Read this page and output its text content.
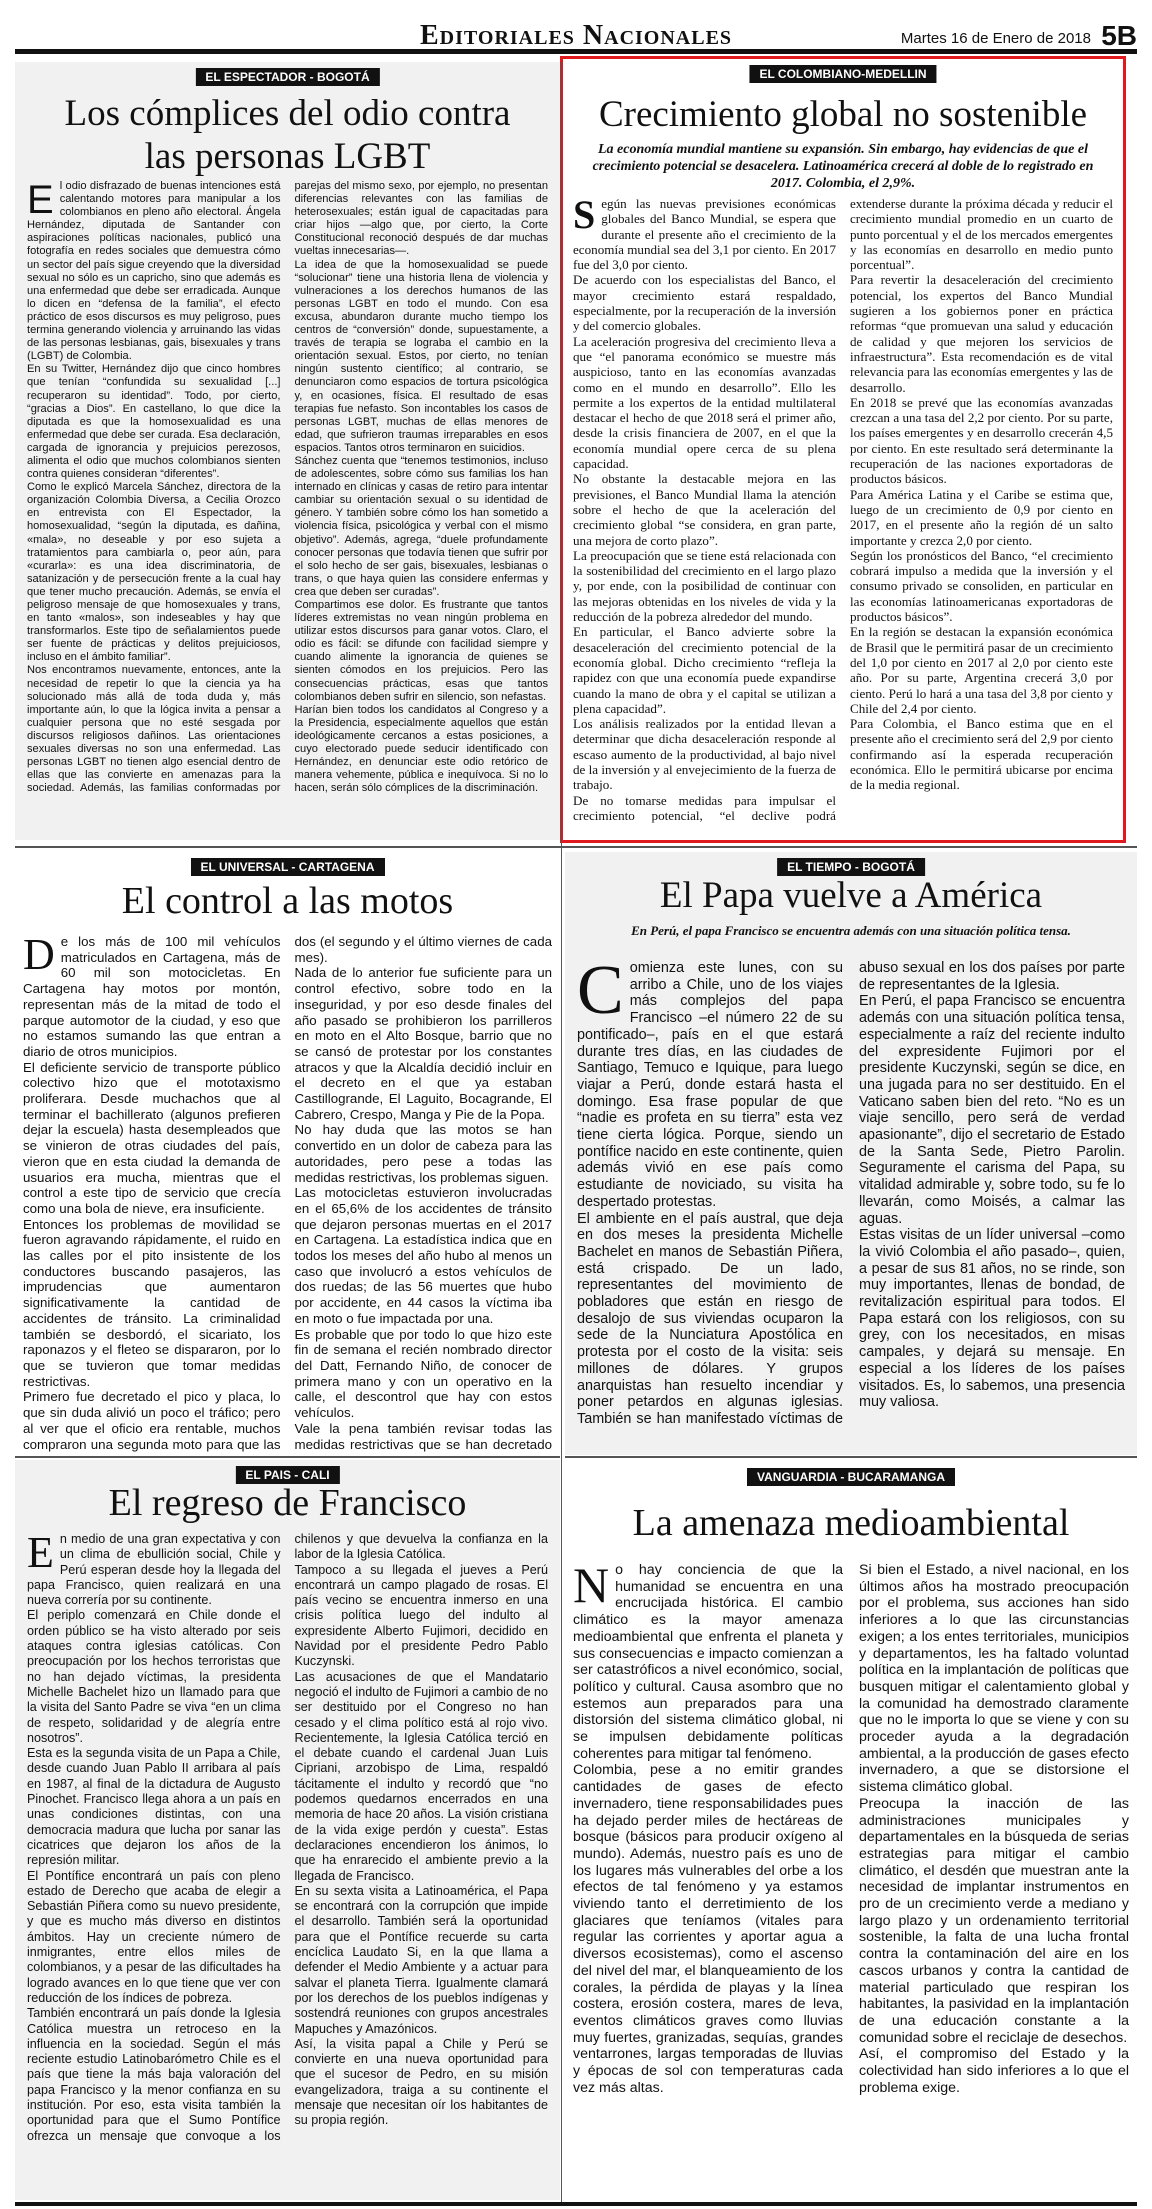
Editoriales Nacionales	Martes 16 de Enero de 2018 5B
EL ESPECTADOR - BOGOTÁ
Los cómplices del odio contra las personas LGBT

El odio disfrazado de buenas intenciones está calentando motores para manipular a los colombianos en pleno año electoral. Ángela Hernández, diputada de Santander con aspiraciones políticas nacionales, publicó una fotografía en redes sociales que demuestra cómo un sector del país sigue creyendo que la diversidad sexual no sólo es un capricho, sino que además es una enfermedad que debe ser erradicada. Aunque lo dicen en “defensa de la familia”, el efecto práctico de esos discursos es muy peligroso, pues termina generando violencia y arruinando las vidas de las personas lesbianas, gais, bisexuales y trans (LGBT) de Colombia.

En su Twitter, Hernández dijo que cinco hombres que tenían “confundida su sexualidad [...] recuperaron su identidad”. Todo, por cierto, “gracias a Dios”. En castellano, lo que dice la diputada es que la homosexualidad es una enfermedad que debe ser curada. Esa declaración, cargada de ignorancia y prejuicios perezosos, alimenta el odio que muchos colombianos sienten contra quienes consideran “diferentes”.

Como le explicó Marcela Sánchez, directora de la organización Colombia Diversa, a Cecilia Orozco en entrevista con El Espectador, la homosexualidad, “según la diputada, es dañina, «mala», no deseable y por eso sujeta a tratamientos para cambiarla o, peor aún, para «curarla»: es una idea discriminatoria, de satanización y de persecución frente a la cual hay que tener mucho precaución. Además, se envía el peligroso mensaje de que homosexuales y trans, en tanto «malos», son indeseables y hay que transformarlos. Este tipo de señalamientos puede ser fuente de prácticas y delitos prejuiciosos, incluso en el ámbito familiar”.

Nos encontramos nuevamente, entonces, ante la necesidad de repetir lo que la ciencia ya ha solucionado más allá de toda duda y, más importante aún, lo que la lógica invita a pensar a cualquier persona que no esté sesgada por discursos religiosos dañinos. Las orientaciones sexuales diversas no son una enfermedad. Las personas LGBT no tienen algo esencial dentro de ellas que las convierte en amenazas para la sociedad. Además, las familias conformadas por parejas del mismo sexo, por ejemplo, no presentan diferencias relevantes con las familias de heterosexuales; están igual de capacitadas para criar hijos —algo que, por cierto, la Corte Constitucional reconoció después de dar muchas vueltas innecesarias—.

La idea de que la homosexualidad se puede “solucionar” tiene una historia llena de violencia y vulneraciones a los derechos humanos de las personas LGBT en todo el mundo. Con esa excusa, abundaron durante mucho tiempo los centros de “conversión” donde, supuestamente, a través de terapia se lograba el cambio en la orientación sexual. Estos, por cierto, no tenían ningún sustento científico; al contrario, se denunciaron como espacios de tortura psicológica y, en ocasiones, física. El resultado de esas terapias fue nefasto. Son incontables los casos de personas LGBT, muchas de ellas menores de edad, que sufrieron traumas irreparables en esos espacios. Tantos otros terminaron en suicidios.

Sánchez cuenta que “tenemos testimonios, incluso de adolescentes, sobre cómo sus familias los han internado en clínicas y casas de retiro para intentar cambiar su orientación sexual o su identidad de género. Y también sobre cómo los han sometido a violencia física, psicológica y verbal con el mismo objetivo”. Además, agrega, “duele profundamente conocer personas que todavía tienen que sufrir por el solo hecho de ser gais, bisexuales, lesbianas o trans, o que haya quien las considere enfermas y crea que deben ser curadas”.

Compartimos ese dolor. Es frustrante que tantos líderes extremistas no vean ningún problema en utilizar estos discursos para ganar votos. Claro, el odio es fácil: se difunde con facilidad siempre y cuando alimente la ignorancia de quienes se sienten cómodos en los prejuicios. Pero las consecuencias prácticas, esas que tantos colombianos deben sufrir en silencio, son nefastas.

Harían bien todos los candidatos al Congreso y a la Presidencia, especialmente aquellos que están ideológicamente cercanos a estas posiciones, a cuyo electorado puede seducir identificado con Hernández, en denunciar este odio retórico de manera vehemente, pública e inequívoca. Si no lo hacen, serán sólo cómplices de la discriminación.

EL COLOMBIANO-MEDELLIN
Crecimiento global no sostenible
La economía mundial mantiene su expansión. Sin embargo, hay evidencias de que el crecimiento potencial se desacelera. Latinoamérica crecerá al doble de lo registrado en 2017. Colombia, el 2,9%.

Según las nuevas previsiones económicas globales del Banco Mundial, se espera que durante el presente año el crecimiento de la economía mundial sea del 3,1 por ciento. En 2017 fue del 3,0 por ciento.

De acuerdo con los especialistas del Banco, el mayor crecimiento estará respaldado, especialmente, por la recuperación de la inversión y del comercio globales.

La aceleración progresiva del crecimiento lleva a que “el panorama económico se muestre más auspicioso, tanto en las economías avanzadas como en el mundo en desarrollo”. Ello les permite a los expertos de la entidad multilateral destacar el hecho de que 2018 será el primer año, desde la crisis financiera de 2007, en el que la economía mundial opere cerca de su plena capacidad.

No obstante la destacable mejora en las previsiones, el Banco Mundial llama la atención sobre el hecho de que la aceleración del crecimiento global “se considera, en gran parte, una mejora de corto plazo”.

La preocupación que se tiene está relacionada con la sostenibilidad del crecimiento en el largo plazo y, por ende, con la posibilidad de continuar con las mejoras obtenidas en los niveles de vida y la reducción de la pobreza alrededor del mundo.

En particular, el Banco advierte sobre la desaceleración del crecimiento potencial de la economía global. Dicho crecimiento “refleja la rapidez con que una economía puede expandirse cuando la mano de obra y el capital se utilizan a plena capacidad”.

Los análisis realizados por la entidad llevan a determinar que dicha desaceleración responde al escaso aumento de la productividad, al bajo nivel de la inversión y al envejecimiento de la fuerza de trabajo.

De no tomarse medidas para impulsar el crecimiento potencial, “el declive podrá extenderse durante la próxima década y reducir el crecimiento mundial promedio en un cuarto de punto porcentual y el de los mercados emergentes y las economías en desarrollo en medio punto porcentual”.

Para revertir la desaceleración del crecimiento potencial, los expertos del Banco Mundial sugieren a los gobiernos poner en práctica reformas “que promuevan una salud y educación de calidad y que mejoren los servicios de infraestructura”. Esta recomendación es de vital relevancia para las economías emergentes y las de desarrollo.

En 2018 se prevé que las economías avanzadas crezcan a una tasa del 2,2 por ciento. Por su parte, los países emergentes y en desarrollo crecerán 4,5 por ciento. En este resultado será determinante la recuperación de las naciones exportadoras de productos básicos.

Para América Latina y el Caribe se estima que, luego de un crecimiento de 0,9 por ciento en 2017, en el presente año la región dé un salto importante y crezca 2,0 por ciento.

Según los pronósticos del Banco, “el crecimiento cobrará impulso a medida que la inversión y el consumo privado se consoliden, en particular en las economías latinoamericanas exportadoras de productos básicos”.

En la región se destacan la expansión económica de Brasil que le permitirá pasar de un crecimiento del 1,0 por ciento en 2017 al 2,0 por ciento este año. Por su parte, Argentina crecerá 3,0 por ciento. Perú lo hará a una tasa del 3,8 por ciento y Chile del 2,4 por ciento.

Para Colombia, el Banco estima que en el presente año el crecimiento será del 2,9 por ciento confirmando así la esperada recuperación económica. Ello le permitirá ubicarse por encima de la media regional.

EL UNIVERSAL - CARTAGENA
El control a las motos

De los más de 100 mil vehículos matriculados en Cartagena, más de 60 mil son motocicletas. En Cartagena hay motos por montón, representan más de la mitad de todo el parque automotor de la ciudad, y eso que no estamos sumando las que entran a diario de otros municipios.

El deficiente servicio de transporte público colectivo hizo que el mototaxismo proliferara. Desde muchachos que al terminar el bachillerato (algunos prefieren dejar la escuela) hasta desempleados que se vinieron de otras ciudades del país, vieron que en esta ciudad la demanda de usuarios era mucha, mientras que el control a este tipo de servicio que crecía como una bola de nieve, era insuficiente.

Entonces los problemas de movilidad se fueron agravando rápidamente, el ruido en las calles por el pito insistente de los conductores buscando pasajeros, las imprudencias que aumentaron significativamente la cantidad de accidentes de tránsito. La criminalidad también se desbordó, el sicariato, los raponazos y el fleteo se dispararon, por lo que se tuvieron que tomar medidas restrictivas.

Primero fue decretado el pico y placa, lo que sin duda alivió un poco el tráfico; pero al ver que el oficio era rentable, muchos compraron una segunda moto para que las dos (el segundo y el último viernes de cada mes).

Nada de lo anterior fue suficiente para un control efectivo, sobre todo en la inseguridad, y por eso desde finales del año pasado se prohibieron los parrilleros en moto en el Alto Bosque, barrio que no se cansó de protestar por los constantes atracos y que la Alcaldía decidió incluir en el decreto en el que ya estaban Castillogrande, El Laguito, Bocagrande, El Cabrero, Crespo, Manga y Pie de la Popa.

No hay duda que las motos se han convertido en un dolor de cabeza para las autoridades, pero pese a todas las medidas restrictivas, los problemas siguen.

Las motocicletas estuvieron involucradas en el 65,6% de los accidentes de tránsito que dejaron personas muertas en el 2017 en Cartagena. La estadística indica que en todos los meses del año hubo al menos un caso que involucró a estos vehículos de dos ruedas; de las 56 muertes que hubo por accidente, en 44 casos la víctima iba en moto o fue impactada por una.

Es probable que por todo lo que hizo este fin de semana el recién nombrado director del Datt, Fernando Niño, de conocer de primera mano y con un operativo en la calle, el descontrol que hay con estos vehículos.

Vale la pena también revisar todas las medidas restrictivas que se han decretado

EL TIEMPO - BOGOTÁ
El Papa vuelve a América
En Perú, el papa Francisco se encuentra además con una situación política tensa.

Comienza este lunes, con su arribo a Chile, uno de los viajes más complejos del papa Francisco –el número 22 de su pontificado–, país en el que estará durante tres días, en las ciudades de Santiago, Temuco e Iquique, para luego viajar a Perú, donde estará hasta el domingo. Esa frase popular de que “nadie es profeta en su tierra” esta vez tiene cierta lógica. Porque, siendo un pontífice nacido en este continente, quien además vivió en ese país como estudiante de noviciado, su visita ha despertado protestas.

El ambiente en el país austral, que deja en dos meses la presidenta Michelle Bachelet en manos de Sebastián Piñera, está crispado. De un lado, representantes del movimiento de pobladores que están en riesgo de desalojo de sus viviendas ocuparon la sede de la Nunciatura Apostólica en protesta por el costo de la visita: seis millones de dólares. Y grupos anarquistas han resuelto incendiar y poner petardos en algunas iglesias. También se han manifestado víctimas de abuso sexual en los dos países por parte de representantes de la Iglesia.

En Perú, el papa Francisco se encuentra además con una situación política tensa, especialmente a raíz del reciente indulto del expresidente Fujimori por el presidente Kuczynski, según se dice, en una jugada para no ser destituido. En el Vaticano saben bien del reto. “No es un viaje sencillo, pero será de verdad apasionante”, dijo el secretario de Estado de la Santa Sede, Pietro Parolin. Seguramente el carisma del Papa, su vitalidad admirable y, sobre todo, su fe lo llevarán, como Moisés, a calmar las aguas.

Estas visitas de un líder universal –como la vivió Colombia el año pasado–, quien, a pesar de sus 81 años, no se rinde, son muy importantes, llenas de bondad, de revitalización espiritual para todos. El Papa estará con los religiosos, con su grey, con los necesitados, en misas campales, y dejará su mensaje. En especial a los líderes de los países visitados. Es, lo sabemos, una presencia muy valiosa.

EL PAIS - CALI
El regreso de Francisco

En medio de una gran expectativa y con un clima de ebullición social, Chile y Perú esperan desde hoy la llegada del papa Francisco, quien realizará en una nueva correría por su continente.

El periplo comenzará en Chile donde el orden público se ha visto alterado por seis ataques contra iglesias católicas. Con preocupación por los hechos terroristas que no han dejado víctimas, la presidenta Michelle Bachelet hizo un llamado para que la visita del Santo Padre se viva “en un clima de respeto, solidaridad y de alegría entre nosotros”.

Esta es la segunda visita de un Papa a Chile, desde cuando Juan Pablo II arribara al país en 1987, al final de la dictadura de Augusto Pinochet. Francisco llega ahora a un país en unas condiciones distintas, con una democracia madura que lucha por sanar las cicatrices que dejaron los años de la represión militar.

El Pontífice encontrará un país con pleno estado de Derecho que acaba de elegir a Sebastián Piñera como su nuevo presidente, y que es mucho más diverso en distintos ámbitos. Hay un creciente número de inmigrantes, entre ellos miles de colombianos, y a pesar de las dificultades ha logrado avances en lo que tiene que ver con reducción de los índices de pobreza.

También encontrará un país donde la Iglesia Católica muestra un retroceso en la influencia en la sociedad. Según el más reciente estudio Latinobarómetro Chile es el país que tiene la más baja valoración del papa Francisco y la menor confianza en su institución. Por eso, esta visita también la oportunidad para que el Sumo Pontífice ofrezca un mensaje que convoque a los chilenos y que devuelva la confianza en la labor de la Iglesia Católica.

Tampoco a su llegada el jueves a Perú encontrará un campo plagado de rosas. El país vecino se encuentra inmerso en una crisis política luego del indulto al expresidente Alberto Fujimori, decidido en Navidad por el presidente Pedro Pablo Kuczynski.

Las acusaciones de que el Mandatario negoció el indulto de Fujimori a cambio de no ser destituido por el Congreso no han cesado y el clima político está al rojo vivo. Recientemente, la Iglesia Católica terció en el debate cuando el cardenal Juan Luis Cipriani, arzobispo de Lima, respaldó tácitamente el indulto y recordó que “no podemos quedarnos encerrados en una memoria de hace 20 años. La visión cristiana de la vida exige perdón y cuesta”. Estas declaraciones encendieron los ánimos, lo que ha enrarecido el ambiente previo a la llegada de Francisco.

En su sexta visita a Latinoamérica, el Papa se encontrará con la corrupción que impide el desarrollo. También será la oportunidad para que el Pontífice recuerde su carta encíclica Laudato Si, en la que llama a defender el Medio Ambiente y a actuar para salvar el planeta Tierra. Igualmente clamará por los derechos de los pueblos indígenas y sostendrá reuniones con grupos ancestrales Mapuches y Amazónicos.

Así, la visita papal a Chile y Perú se convierte en una nueva oportunidad para que el sucesor de Pedro, en su misión evangelizadora, traiga a su continente el mensaje que necesitan oír los habitantes de su propia región.

VANGUARDIA - BUCARAMANGA
La amenaza medioambiental

No hay conciencia de que la humanidad se encuentra en una encrucijada histórica. El cambio climático es la mayor amenaza medioambiental que enfrenta el planeta y sus consecuencias e impacto comienzan a ser catastróficos a nivel económico, social, político y cultural. Causa asombro que no estemos aun preparados para una distorsión del sistema climático global, ni se impulsen debidamente políticas coherentes para mitigar tal fenómeno.

Colombia, pese a no emitir grandes cantidades de gases de efecto invernadero, tiene responsabilidades pues ha dejado perder miles de hectáreas de bosque (básicos para producir oxígeno al mundo). Además, nuestro país es uno de los lugares más vulnerables del orbe a los efectos de tal fenómeno y ya estamos viviendo tanto el derretimiento de los glaciares que teníamos (vitales para regular las corrientes y aportar agua a diversos ecosistemas), como el ascenso del nivel del mar, el blanqueamiento de los corales, la pérdida de playas y la línea costera, erosión costera, mares de leva, eventos climáticos graves como lluvias muy fuertes, granizadas, sequías, grandes ventarrones, largas temporadas de lluvias y épocas de sol con temperaturas cada vez más altas.

Si bien el Estado, a nivel nacional, en los últimos años ha mostrado preocupación por el problema, sus acciones han sido inferiores a lo que las circunstancias exigen; a los entes territoriales, municipios y departamentos, les ha faltado voluntad política en la implantación de políticas que busquen mitigar el calentamiento global y la comunidad ha demostrado claramente que no le importa lo que se viene y con su proceder ayuda a la degradación ambiental, a la producción de gases efecto invernadero, a que se distorsione el sistema climático global.

Preocupa la inacción de las administraciones municipales y departamentales en la búsqueda de serias estrategias para mitigar el cambio climático, el desdén que muestran ante la necesidad de implantar instrumentos en pro de un crecimiento verde a mediano y largo plazo y un ordenamiento territorial sostenible, la falta de una lucha frontal contra la contaminación del aire en los cascos urbanos y contra la cantidad de material particulado que respiran los habitantes, la pasividad en la implantación de una educación constante a la comunidad sobre el reciclaje de desechos.

Así, el compromiso del Estado y la colectividad han sido inferiores a lo que el problema exige.
